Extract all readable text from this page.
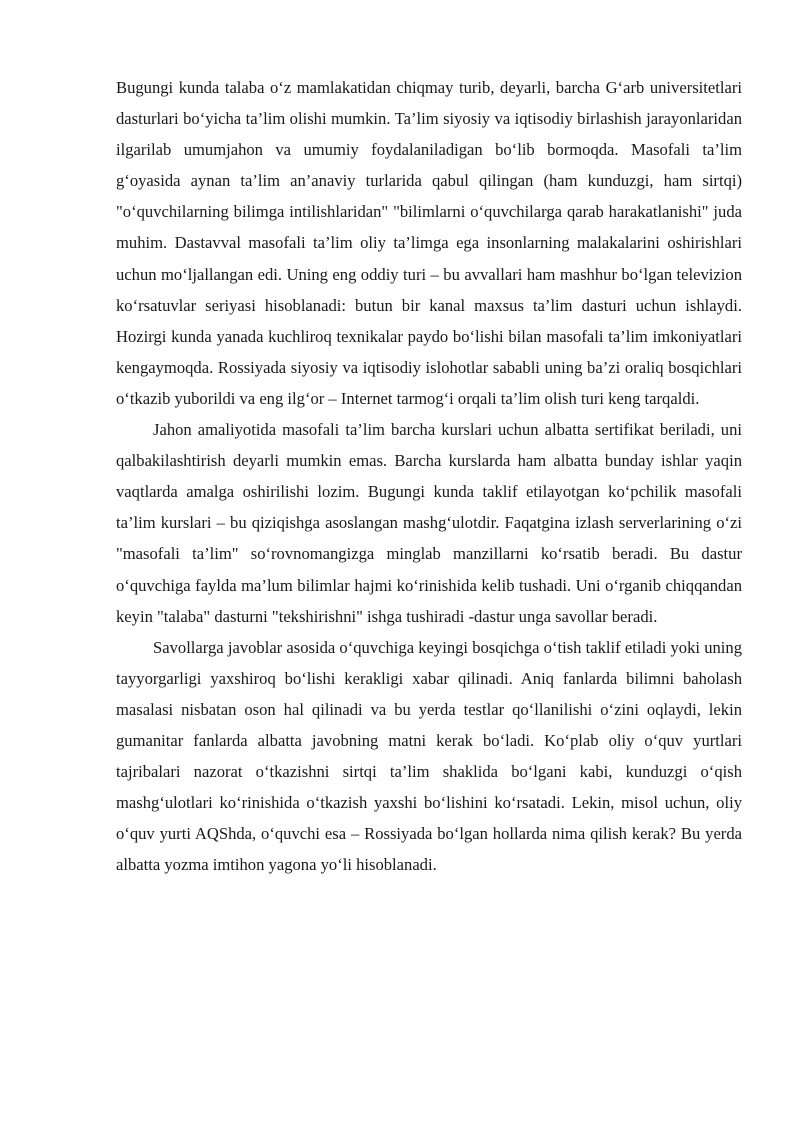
Bugungi kunda talaba o‘z mamlakatidan chiqmay turib, deyarli, barcha G‘arb universitetlari dasturlari bo‘yicha ta’lim olishi mumkin. Ta’lim siyosiy va iqtisodiy birlashish jarayonlaridan ilgarilab umumjahon va umumiy foydalaniladigan bo‘lib bormoqda. Masofali ta’lim g‘oyasida aynan ta’lim an’anaviy turlarida qabul qilingan (ham kunduzgi, ham sirtqi) "o‘quvchilarning bilimga intilishlaridan" "bilimlarni o‘quvchilarga qarab harakatlanishi" juda muhim. Dastavval masofali ta’lim oliy ta’limga ega insonlarning malakalarini oshirishlari uchun mo‘ljallangan edi. Uning eng oddiy turi – bu avvallari ham mashhur bo‘lgan televizion ko‘rsatuvlar seriyasi hisoblanadi: butun bir kanal maxsus ta’lim dasturi uchun ishlaydi. Hozirgi kunda yanada kuchliroq texnikalar paydo bo‘lishi bilan masofali ta’lim imkoniyatlari kengaymoqda. Rossiyada siyosiy va iqtisodiy islohotlar sababli uning ba’zi oraliq bosqichlari o‘tkazib yuborildi va eng ilg‘or – Internet tarmog‘i orqali ta’lim olish turi keng tarqaldi.

Jahon amaliyotida masofali ta’lim barcha kurslari uchun albatta sertifikat beriladi, uni qalbakilashtirish deyarli mumkin emas. Barcha kurslarda ham albatta bunday ishlar yaqin vaqtlarda amalga oshirilishi lozim. Bugungi kunda taklif etilayotgan ko‘pchilik masofali ta’lim kurslari – bu qiziqishga asoslangan mashg‘ulotdir. Faqatgina izlash serverlarining o‘zi "masofali ta’lim" so‘rovnomangizga minglab manzillarni ko‘rsatib beradi. Bu dastur o‘quvchiga faylda ma’lum bilimlar hajmi ko‘rinishida kelib tushadi. Uni o‘rganib chiqqandan keyin "talaba" dasturni "tekshirishni" ishga tushiradi -dastur unga savollar beradi.

Savollarga javoblar asosida o‘quvchiga keyingi bosqichga o‘tish taklif etiladi yoki uning tayyorgarligi yaxshiroq bo‘lishi kerakligi xabar qilinadi. Aniq fanlarda bilimni baholash masalasi nisbatan oson hal qilinadi va bu yerda testlar qo‘llanilishi o‘zini oqlaydi, lekin gumanitar fanlarda albatta javobning matni kerak bo‘ladi. Ko‘plab oliy o‘quv yurtlari tajribalari nazorat o‘tkazishni sirtqi ta’lim shaklida bo‘lgani kabi, kunduzgi o‘qish mashg‘ulotlari ko‘rinishida o‘tkazish yaxshi bo‘lishini ko‘rsatadi. Lekin, misol uchun, oliy o‘quv yurti AQShda, o‘quvchi esa – Rossiyada bo‘lgan hollarda nima qilish kerak? Bu yerda albatta yozma imtihon yagona yo‘li hisoblanadi.
